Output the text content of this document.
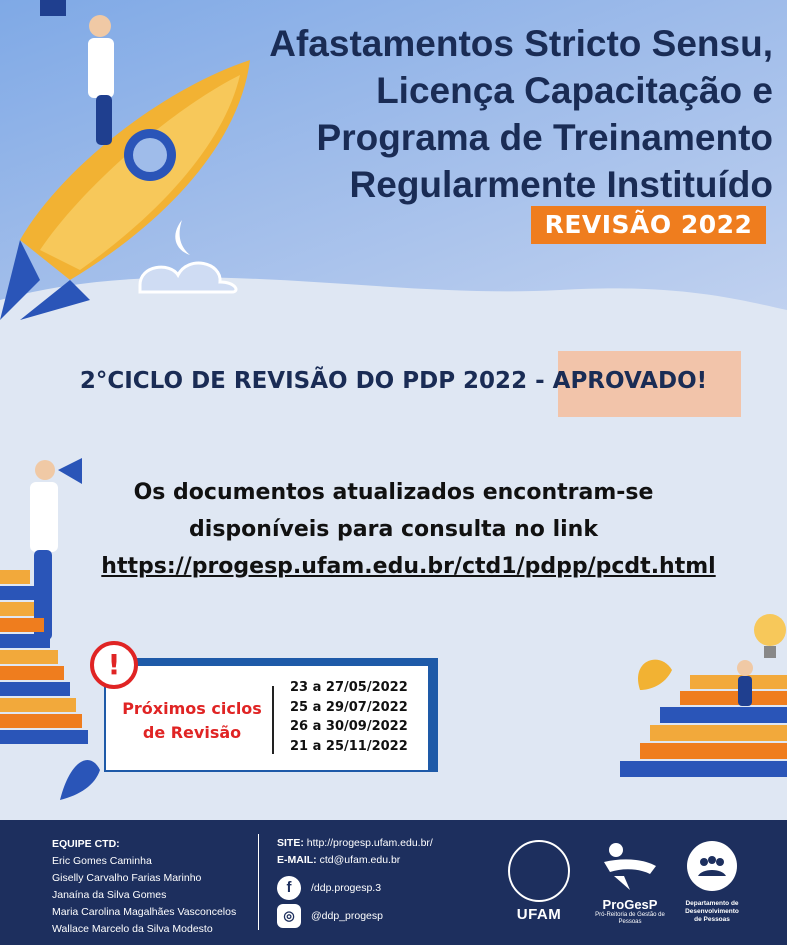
Afastamentos Stricto Sensu,
Licença Capacitação e
Programa de Treinamento
Regularmente Instituído
REVISÃO 2022
2°CICLO DE REVISÃO DO PDP 2022 - APROVADO!
Os documentos atualizados encontram-se
disponíveis para consulta no link
https://progesp.ufam.edu.br/ctd1/pdpp/pcdt.html
!
Próximos ciclos
de Revisão
23 a 27/05/2022
25 a 29/07/2022
26 a 30/09/2022
21 a 25/11/2022
EQUIPE CTD:
Eric Gomes Caminha
Giselly Carvalho Farias Marinho
Janaína da Silva Gomes
Maria Carolina Magalhães Vasconcelos
Wallace Marcelo da Silva Modesto
SITE: http://progesp.ufam.edu.br/
E-MAIL: ctd@ufam.edu.br
f	/ddp.progesp.3
◎	@ddp_progesp	UFAM
ProGesP
Pró-Reitoria de Gestão de Pessoas
Departamento de
Desenvolvimento
de Pessoas
